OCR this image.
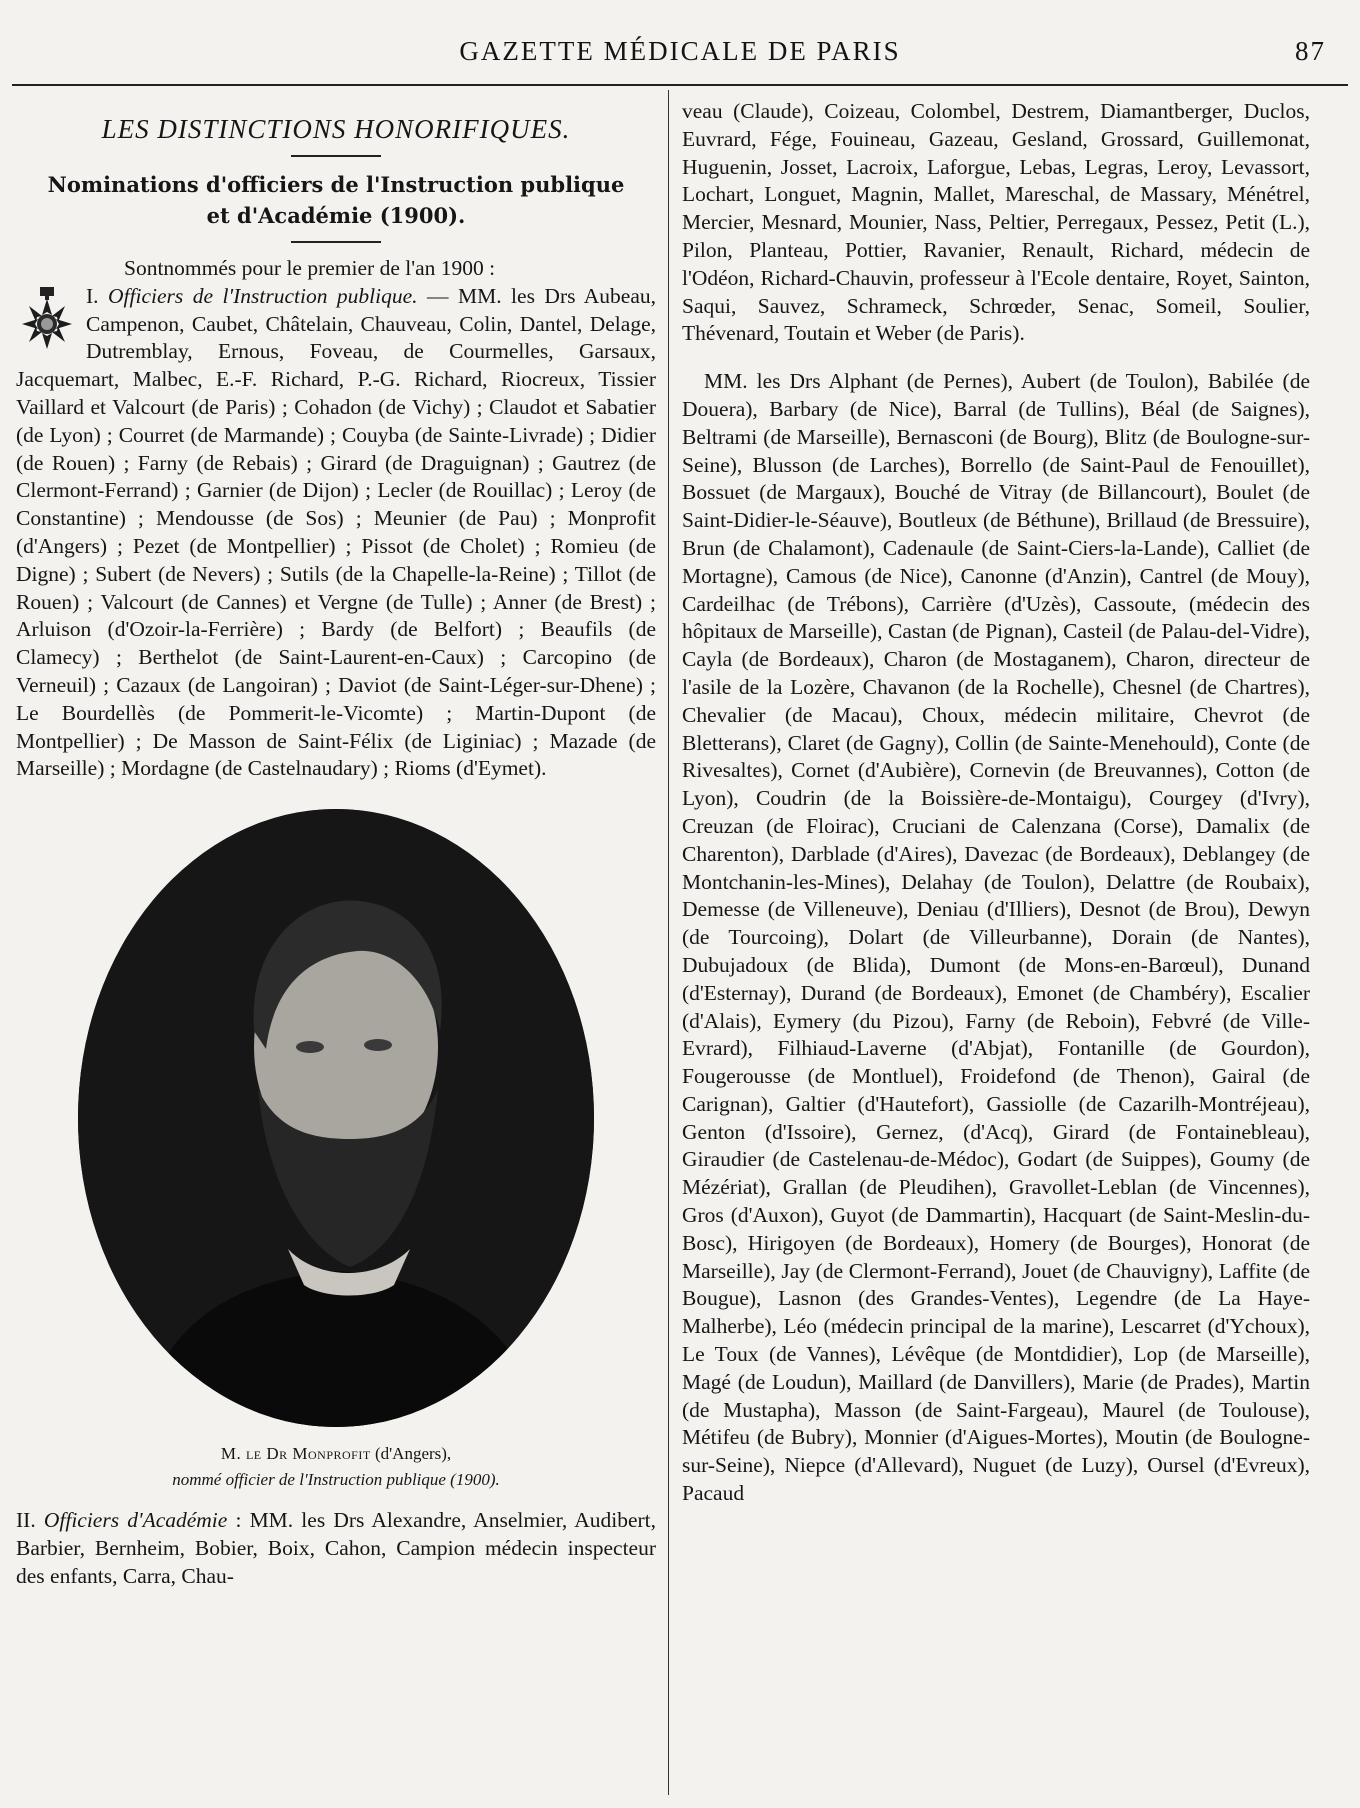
GAZETTE MÉDICALE DE PARIS	87
LES DISTINCTIONS HONORIFIQUES.
Nominations d'officiers de l'Instruction publique
et d'Académie (1900).

Sontnommés pour le premier de l'an 1900 :

I. Officiers de l'Instruction publique. — MM. les Drs Aubeau, Campenon, Caubet, Châtelain, Chauveau, Colin, Dantel, Delage, Dutremblay, Ernous, Foveau, de Courmelles, Garsaux, Jacquemart, Malbec, E.-F. Richard, P.-G. Richard, Riocreux, Tissier Vaillard et Valcourt (de Paris) ; Cohadon (de Vichy) ; Claudot et Sabatier (de Lyon) ; Courret (de Marmande) ; Couyba (de Sainte-Livrade) ; Didier (de Rouen) ; Farny (de Rebais) ; Girard (de Draguignan) ; Gautrez (de Clermont-Ferrand) ; Garnier (de Dijon) ; Lecler (de Rouillac) ; Leroy (de Constantine) ; Mendousse (de Sos) ; Meunier (de Pau) ; Monprofit (d'Angers) ; Pezet (de Montpellier) ; Pissot (de Cholet) ; Romieu (de Digne) ; Subert (de Nevers) ; Sutils (de la Chapelle-la-Reine) ; Tillot (de Rouen) ; Valcourt (de Cannes) et Vergne (de Tulle) ; Anner (de Brest) ; Arluison (d'Ozoir-la-Ferrière) ; Bardy (de Belfort) ; Beaufils (de Clamecy) ; Berthelot (de Saint-Laurent-en-Caux) ; Carcopino (de Verneuil) ; Cazaux (de Langoiran) ; Daviot (de Saint-Léger-sur-Dhene) ; Le Bourdellès (de Pommerit-le-Vicomte) ; Martin-Dupont (de Montpellier) ; De Masson de Saint-Félix (de Liginiac) ; Mazade (de Marseille) ; Mordagne (de Castelnaudary) ; Rioms (d'Eymet).

M. le Dr Monprofit (d'Angers),
nommé officier de l'Instruction publique (1900).

II. Officiers d'Académie : MM. les Drs Alexandre, Anselmier, Audibert, Barbier, Bernheim, Bobier, Boix, Cahon, Campion médecin inspecteur des enfants, Carra, Chau-

veau (Claude), Coizeau, Colombel, Destrem, Diamantberger, Duclos, Euvrard, Fége, Fouineau, Gazeau, Gesland, Grossard, Guillemonat, Huguenin, Josset, Lacroix, Laforgue, Lebas, Legras, Leroy, Levassort, Lochart, Longuet, Magnin, Mallet, Mareschal, de Massary, Ménétrel, Mercier, Mesnard, Mounier, Nass, Peltier, Perregaux, Pessez, Petit (L.), Pilon, Planteau, Pottier, Ravanier, Renault, Richard, médecin de l'Odéon, Richard-Chauvin, professeur à l'Ecole dentaire, Royet, Sainton, Saqui, Sauvez, Schrameck, Schrœder, Senac, Someil, Soulier, Thévenard, Toutain et Weber (de Paris).

MM. les Drs Alphant (de Pernes), Aubert (de Toulon), Babilée (de Douera), Barbary (de Nice), Barral (de Tullins), Béal (de Saignes), Beltrami (de Marseille), Bernasconi (de Bourg), Blitz (de Boulogne-sur-Seine), Blusson (de Larches), Borrello (de Saint-Paul de Fenouillet), Bossuet (de Margaux), Bouché de Vitray (de Billancourt), Boulet (de Saint-Didier-le-Séauve), Boutleux (de Béthune), Brillaud (de Bressuire), Brun (de Chalamont), Cadenaule (de Saint-Ciers-la-Lande), Calliet (de Mortagne), Camous (de Nice), Canonne (d'Anzin), Cantrel (de Mouy), Cardeilhac (de Trébons), Carrière (d'Uzès), Cassoute, (médecin des hôpitaux de Marseille), Castan (de Pignan), Casteil (de Palau-del-Vidre), Cayla (de Bordeaux), Charon (de Mostaganem), Charon, directeur de l'asile de la Lozère, Chavanon (de la Rochelle), Chesnel (de Chartres), Chevalier (de Macau), Choux, médecin militaire, Chevrot (de Bletterans), Claret (de Gagny), Collin (de Sainte-Menehould), Conte (de Rivesaltes), Cornet (d'Aubière), Cornevin (de Breuvannes), Cotton (de Lyon), Coudrin (de la Boissière-de-Montaigu), Courgey (d'Ivry), Creuzan (de Floirac), Cruciani de Calenzana (Corse), Damalix (de Charenton), Darblade (d'Aires), Davezac (de Bordeaux), Deblangey (de Montchanin-les-Mines), Delahay (de Toulon), Delattre (de Roubaix), Demesse (de Villeneuve), Deniau (d'Illiers), Desnot (de Brou), Dewyn (de Tourcoing), Dolart (de Villeurbanne), Dorain (de Nantes), Dubujadoux (de Blida), Dumont (de Mons-en-Barœul), Dunand (d'Esternay), Durand (de Bordeaux), Emonet (de Chambéry), Escalier (d'Alais), Eymery (du Pizou), Farny (de Reboin), Febvré (de Ville-Evrard), Filhiaud-Laverne (d'Abjat), Fontanille (de Gourdon), Fougerousse (de Montluel), Froidefond (de Thenon), Gairal (de Carignan), Galtier (d'Hautefort), Gassiolle (de Cazarilh-Montréjeau), Genton (d'Issoire), Gernez, (d'Acq), Girard (de Fontainebleau), Giraudier (de Castelenau-de-Médoc), Godart (de Suippes), Goumy (de Mézériat), Grallan (de Pleudihen), Gravollet-Leblan (de Vincennes), Gros (d'Auxon), Guyot (de Dammartin), Hacquart (de Saint-Meslin-du-Bosc), Hirigoyen (de Bordeaux), Homery (de Bourges), Honorat (de Marseille), Jay (de Clermont-Ferrand), Jouet (de Chauvigny), Laffite (de Bougue), Lasnon (des Grandes-Ventes), Legendre (de La Haye-Malherbe), Léo (médecin principal de la marine), Lescarret (d'Ychoux), Le Toux (de Vannes), Lévêque (de Montdidier), Lop (de Marseille), Magé (de Loudun), Maillard (de Danvillers), Marie (de Prades), Martin (de Mustapha), Masson (de Saint-Fargeau), Maurel (de Toulouse), Métifeu (de Bubry), Monnier (d'Aigues-Mortes), Moutin (de Boulogne-sur-Seine), Niepce (d'Allevard), Nuguet (de Luzy), Oursel (d'Evreux), Pacaud
